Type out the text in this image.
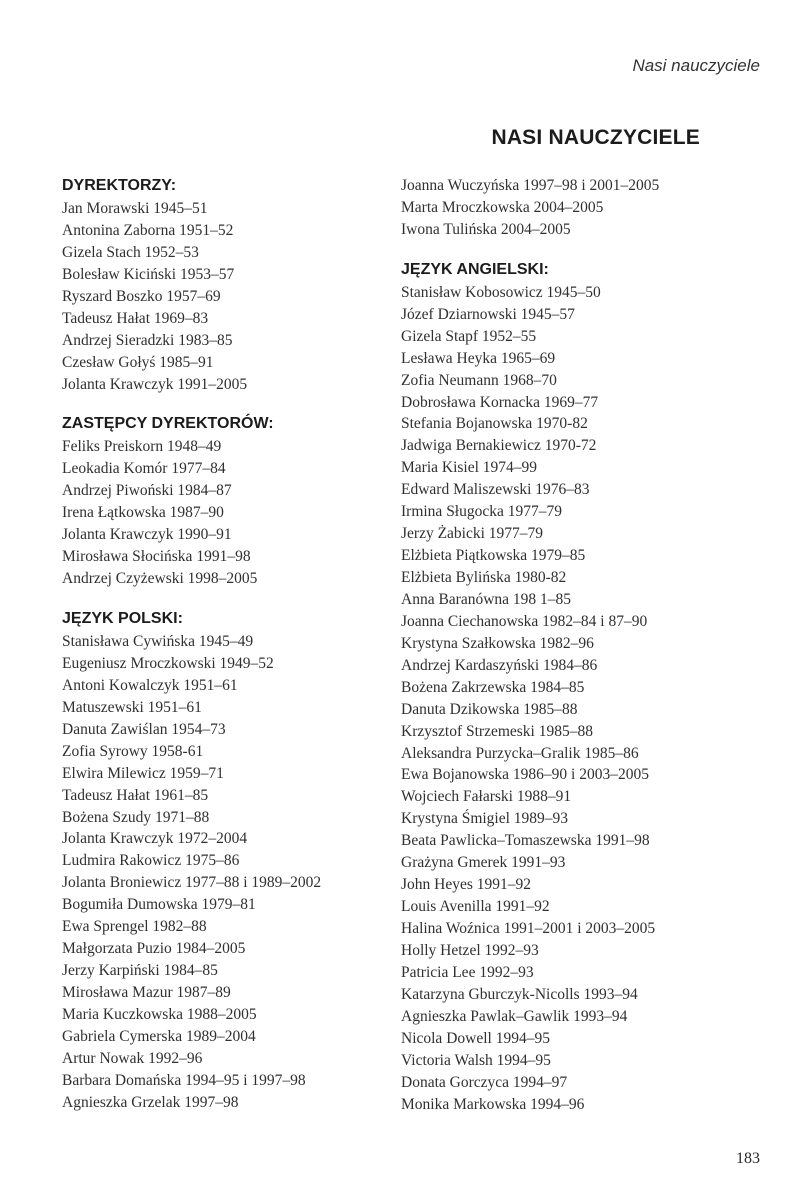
Nasi nauczyciele
NASI NAUCZYCIELE
DYREKTORZY:
Jan Morawski 1945–51
Antonina Zaborna 1951–52
Gizela Stach 1952–53
Bolesław Kiciński 1953–57
Ryszard Boszko 1957–69
Tadeusz Hałat 1969–83
Andrzej Sieradzki 1983–85
Czesław Gołyś 1985–91
Jolanta Krawczyk 1991–2005
ZASTĘPCY DYREKTORÓW:
Feliks Preiskorn 1948–49
Leokadia Komór 1977–84
Andrzej Piwoński 1984–87
Irena Łątkowska 1987–90
Jolanta Krawczyk 1990–91
Mirosława Słocińska 1991–98
Andrzej Czyżewski 1998–2005
JĘZYK POLSKI:
Stanisława Cywińska 1945–49
Eugeniusz Mroczkowski 1949–52
Antoni Kowalczyk 1951–61
Matuszewski 1951–61
Danuta Zawiślan 1954–73
Zofia Syrowy 1958-61
Elwira Milewicz 1959–71
Tadeusz Hałat 1961–85
Bożena Szudy 1971–88
Jolanta Krawczyk 1972–2004
Ludmira Rakowicz 1975–86
Jolanta Broniewicz 1977–88 i 1989–2002
Bogumiła Dumowska 1979–81
Ewa Sprengel 1982–88
Małgorzata Puzio 1984–2005
Jerzy Karpiński 1984–85
Mirosława Mazur 1987–89
Maria Kuczkowska 1988–2005
Gabriela Cymerska 1989–2004
Artur Nowak 1992–96
Barbara Domańska 1994–95 i 1997–98
Agnieszka Grzelak 1997–98
Joanna Wuczyńska 1997–98 i 2001–2005
Marta Mroczkowska 2004–2005
Iwona Tulińska 2004–2005
JĘZYK ANGIELSKI:
Stanisław Kobosowicz 1945–50
Józef Dziarnowski 1945–57
Gizela Stapf 1952–55
Lesława Heyka 1965–69
Zofia Neumann 1968–70
Dobrosława Kornacka 1969–77
Stefania Bojanowska 1970-82
Jadwiga Bernakiewicz 1970-72
Maria Kisiel 1974–99
Edward Maliszewski 1976–83
Irmina Sługocka 1977–79
Jerzy Żabicki 1977–79
Elżbieta Piątkowska 1979–85
Elżbieta Bylińska 1980-82
Anna Baranówna 198 1–85
Joanna Ciechanowska 1982–84 i 87–90
Krystyna Szałkowska 1982–96
Andrzej Kardaszyński 1984–86
Bożena Zakrzewska 1984–85
Danuta Dzikowska 1985–88
Krzysztof Strzemeski 1985–88
Aleksandra Purzycka–Gralik 1985–86
Ewa Bojanowska 1986–90 i 2003–2005
Wojciech Fałarski 1988–91
Krystyna Śmigiel 1989–93
Beata Pawlicka–Tomaszewska 1991–98
Grażyna Gmerek 1991–93
John Heyes 1991–92
Louis Avenilla 1991–92
Halina Woźnica 1991–2001 i 2003–2005
Holly Hetzel 1992–93
Patricia Lee 1992–93
Katarzyna Gburczyk-Nicolls 1993–94
Agnieszka Pawlak–Gawlik 1993–94
Nicola Dowell 1994–95
Victoria Walsh 1994–95
Donata Gorczyca 1994–97
Monika Markowska 1994–96
183
